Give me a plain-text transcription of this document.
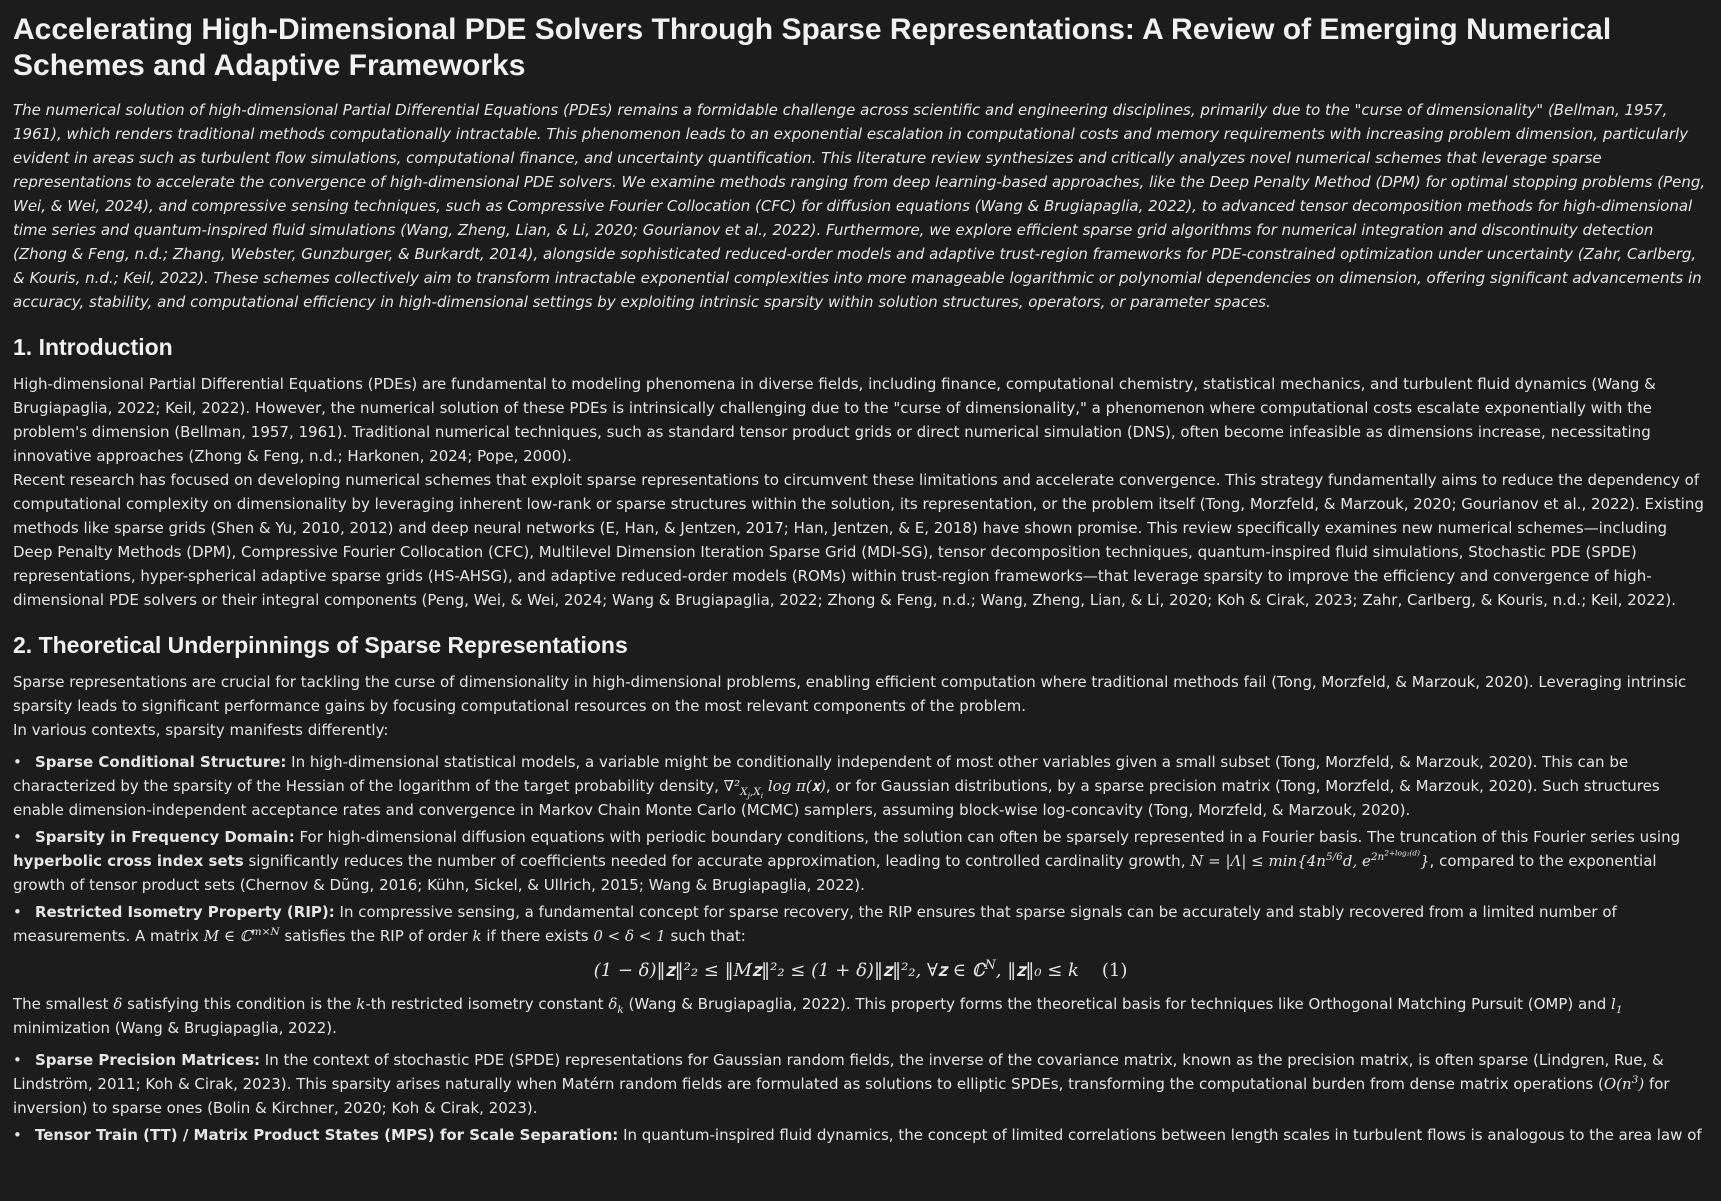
Accelerating High-Dimensional PDE Solvers Through Sparse Representations: A Review of Emerging Numerical Schemes and Adaptive Frameworks

The numerical solution of high-dimensional Partial Differential Equations (PDEs) remains a formidable challenge across scientific and engineering disciplines, primarily due to the "curse of dimensionality" (Bellman, 1957, 1961), which renders traditional methods computationally intractable. This phenomenon leads to an exponential escalation in computational costs and memory requirements with increasing problem dimension, particularly evident in areas such as turbulent flow simulations, computational finance, and uncertainty quantification. This literature review synthesizes and critically analyzes novel numerical schemes that leverage sparse representations to accelerate the convergence of high-dimensional PDE solvers. We examine methods ranging from deep learning-based approaches, like the Deep Penalty Method (DPM) for optimal stopping problems (Peng, Wei, & Wei, 2024), and compressive sensing techniques, such as Compressive Fourier Collocation (CFC) for diffusion equations (Wang & Brugiapaglia, 2022), to advanced tensor decomposition methods for high-dimensional time series and quantum-inspired fluid simulations (Wang, Zheng, Lian, & Li, 2020; Gourianov et al., 2022). Furthermore, we explore efficient sparse grid algorithms for numerical integration and discontinuity detection (Zhong & Feng, n.d.; Zhang, Webster, Gunzburger, & Burkardt, 2014), alongside sophisticated reduced-order models and adaptive trust-region frameworks for PDE-constrained optimization under uncertainty (Zahr, Carlberg, & Kouris, n.d.; Keil, 2022). These schemes collectively aim to transform intractable exponential complexities into more manageable logarithmic or polynomial dependencies on dimension, offering significant advancements in accuracy, stability, and computational efficiency in high-dimensional settings by exploiting intrinsic sparsity within solution structures, operators, or parameter spaces.

1. Introduction

High-dimensional Partial Differential Equations (PDEs) are fundamental to modeling phenomena in diverse fields, including finance, computational chemistry, statistical mechanics, and turbulent fluid dynamics (Wang & Brugiapaglia, 2022; Keil, 2022). However, the numerical solution of these PDEs is intrinsically challenging due to the "curse of dimensionality," a phenomenon where computational costs escalate exponentially with the problem's dimension (Bellman, 1957, 1961). Traditional numerical techniques, such as standard tensor product grids or direct numerical simulation (DNS), often become infeasible as dimensions increase, necessitating innovative approaches (Zhong & Feng, n.d.; Harkonen, 2024; Pope, 2000).

Recent research has focused on developing numerical schemes that exploit sparse representations to circumvent these limitations and accelerate convergence. This strategy fundamentally aims to reduce the dependency of computational complexity on dimensionality by leveraging inherent low-rank or sparse structures within the solution, its representation, or the problem itself (Tong, Morzfeld, & Marzouk, 2020; Gourianov et al., 2022). Existing methods like sparse grids (Shen & Yu, 2010, 2012) and deep neural networks (E, Han, & Jentzen, 2017; Han, Jentzen, & E, 2018) have shown promise. This review specifically examines new numerical schemes—including Deep Penalty Methods (DPM), Compressive Fourier Collocation (CFC), Multilevel Dimension Iteration Sparse Grid (MDI-SG), tensor decomposition techniques, quantum-inspired fluid simulations, Stochastic PDE (SPDE) representations, hyper-spherical adaptive sparse grids (HS-AHSG), and adaptive reduced-order models (ROMs) within trust-region frameworks—that leverage sparsity to improve the efficiency and convergence of high-dimensional PDE solvers or their integral components (Peng, Wei, & Wei, 2024; Wang & Brugiapaglia, 2022; Zhong & Feng, n.d.; Wang, Zheng, Lian, & Li, 2020; Koh & Cirak, 2023; Zahr, Carlberg, & Kouris, n.d.; Keil, 2022).

2. Theoretical Underpinnings of Sparse Representations

Sparse representations are crucial for tackling the curse of dimensionality in high-dimensional problems, enabling efficient computation where traditional methods fail (Tong, Morzfeld, & Marzouk, 2020). Leveraging intrinsic sparsity leads to significant performance gains by focusing computational resources on the most relevant components of the problem.

In various contexts, sparsity manifests differently:

• Sparse Conditional Structure: In high-dimensional statistical models, a variable might be conditionally independent of most other variables given a small subset (Tong, Morzfeld, & Marzouk, 2020). This can be characterized by the sparsity of the Hessian of the logarithm of the target probability density, $\nabla^2_{X_j,X_i}$ log π(𝐱), or for Gaussian distributions, by a sparse precision matrix (Tong, Morzfeld, & Marzouk, 2020). Such structures enable dimension-independent acceptance rates and convergence in Markov Chain Monte Carlo (MCMC) samplers, assuming block-wise log-concavity (Tong, Morzfeld, & Marzouk, 2020).
• Sparsity in Frequency Domain: For high-dimensional diffusion equations with periodic boundary conditions, the solution can often be sparsely represented in a Fourier basis. The truncation of this Fourier series using hyperbolic cross index sets significantly reduces the number of coefficients needed for accurate approximation, leading to controlled cardinality growth, $N = |\Lambda| \le \min\{4n^{5/6}d$, $e^{2n^{2+log_2(d)}}$}, compared to the exponential growth of tensor product sets (Chernov & Dũng, 2016; Kühn, Sickel, & Ullrich, 2015; Wang & Brugiapaglia, 2022).
• Restricted Isometry Property (RIP): In compressive sensing, a fundamental concept for sparse recovery, the RIP ensures that sparse signals can be accurately and stably recovered from a limited number of measurements. A matrix M ∈ ℂ$^{m\times N}$ satisfies the RIP of order k if there exists 0 < δ < 1 such that:
(1 − δ)‖𝐳‖²₂ ≤ ‖M𝐳‖²₂ ≤ (1 + δ)‖𝐳‖²₂, ∀𝐳 ∈ ℂ$^N$, ‖𝐳‖₀ ≤ k (1)

The smallest δ satisfying this condition is the k-th restricted isometry constant $\delta_k$ (Wang & Brugiapaglia, 2022). This property forms the theoretical basis for techniques like Orthogonal Matching Pursuit (OMP) and $l_1$ minimization (Wang & Brugiapaglia, 2022).

• Sparse Precision Matrices: In the context of stochastic PDE (SPDE) representations for Gaussian random fields, the inverse of the covariance matrix, known as the precision matrix, is often sparse (Lindgren, Rue, & Lindström, 2011; Koh & Cirak, 2023). This sparsity arises naturally when Matérn random fields are formulated as solutions to elliptic SPDEs, transforming the computational burden from dense matrix operations ($O(n^3)$ for inversion) to sparse ones (Bolin & Kirchner, 2020; Koh & Cirak, 2023).
• Tensor Train (TT) / Matrix Product States (MPS) for Scale Separation: In quantum-inspired fluid dynamics, the concept of limited correlations between length scales in turbulent flows is analogous to the area law of
